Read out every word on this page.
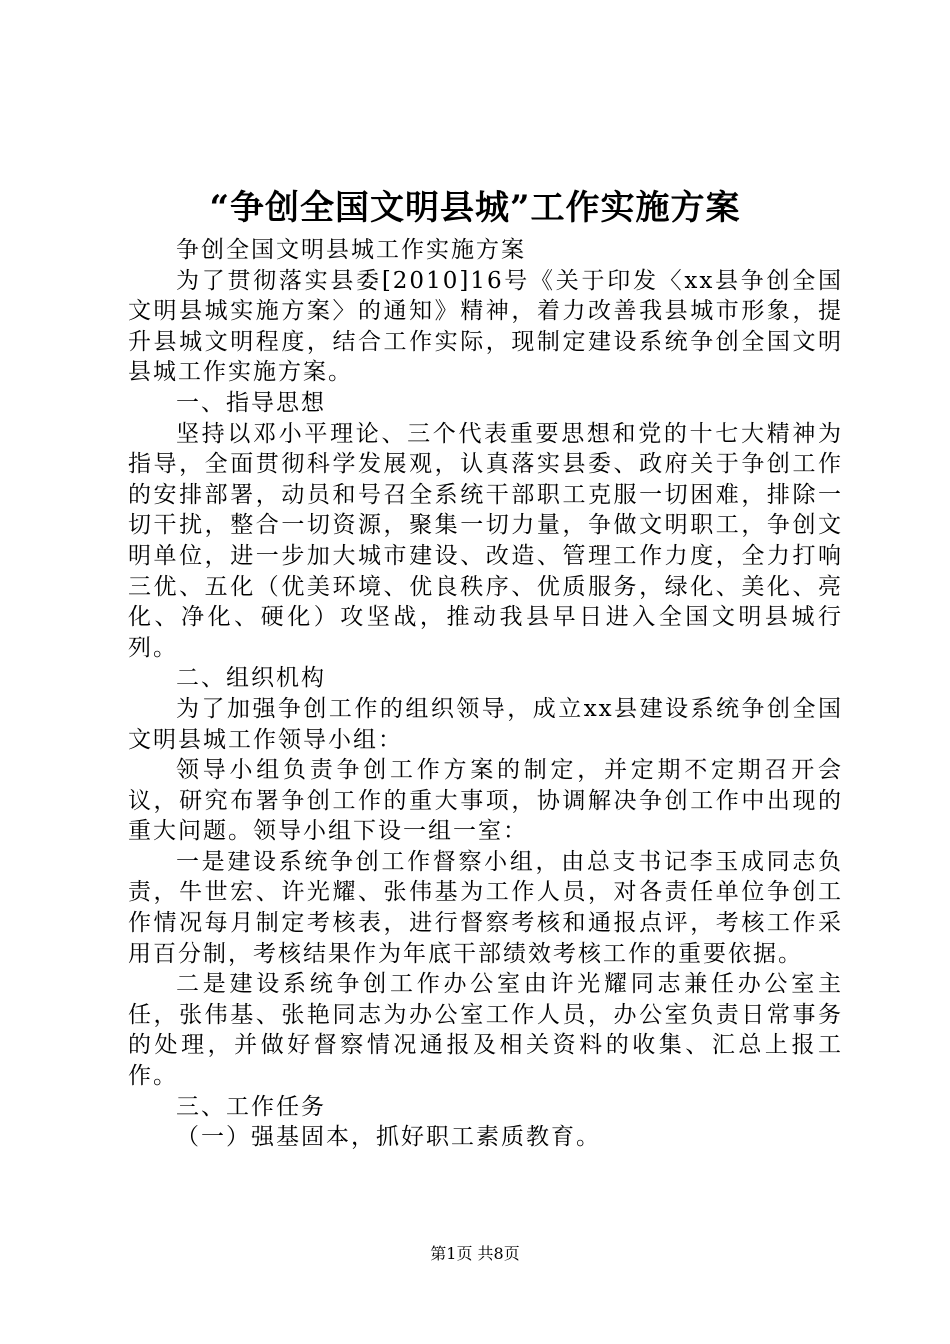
“争创全国文明县城”工作实施方案

争创全国文明县城工作实施方案

为了贯彻落实县委[2010]16号《关于印发〈xx县争创全国文明县城实施方案〉的通知》精神，着力改善我县城市形象，提升县城文明程度，结合工作实际，现制定建设系统争创全国文明县城工作实施方案。

一、指导思想

坚持以邓小平理论、三个代表重要思想和党的十七大精神为指导，全面贯彻科学发展观，认真落实县委、政府关于争创工作的安排部署，动员和号召全系统干部职工克服一切困难，排除一切干扰，整合一切资源，聚集一切力量，争做文明职工，争创文明单位，进一步加大城市建设、改造、管理工作力度，全力打响三优、五化（优美环境、优良秩序、优质服务，绿化、美化、亮化、净化、硬化）攻坚战，推动我县早日进入全国文明县城行列。

二、组织机构

为了加强争创工作的组织领导，成立xx县建设系统争创全国文明县城工作领导小组：

领导小组负责争创工作方案的制定，并定期不定期召开会议，研究布署争创工作的重大事项，协调解决争创工作中出现的重大问题。领导小组下设一组一室：

一是建设系统争创工作督察小组，由总支书记李玉成同志负责，牛世宏、许光耀、张伟基为工作人员，对各责任单位争创工作情况每月制定考核表，进行督察考核和通报点评，考核工作采用百分制，考核结果作为年底干部绩效考核工作的重要依据。

二是建设系统争创工作办公室由许光耀同志兼任办公室主任，张伟基、张艳同志为办公室工作人员，办公室负责日常事务的处理，并做好督察情况通报及相关资料的收集、汇总上报工作。

三、工作任务

（一）强基固本，抓好职工素质教育。

第1页 共8页
